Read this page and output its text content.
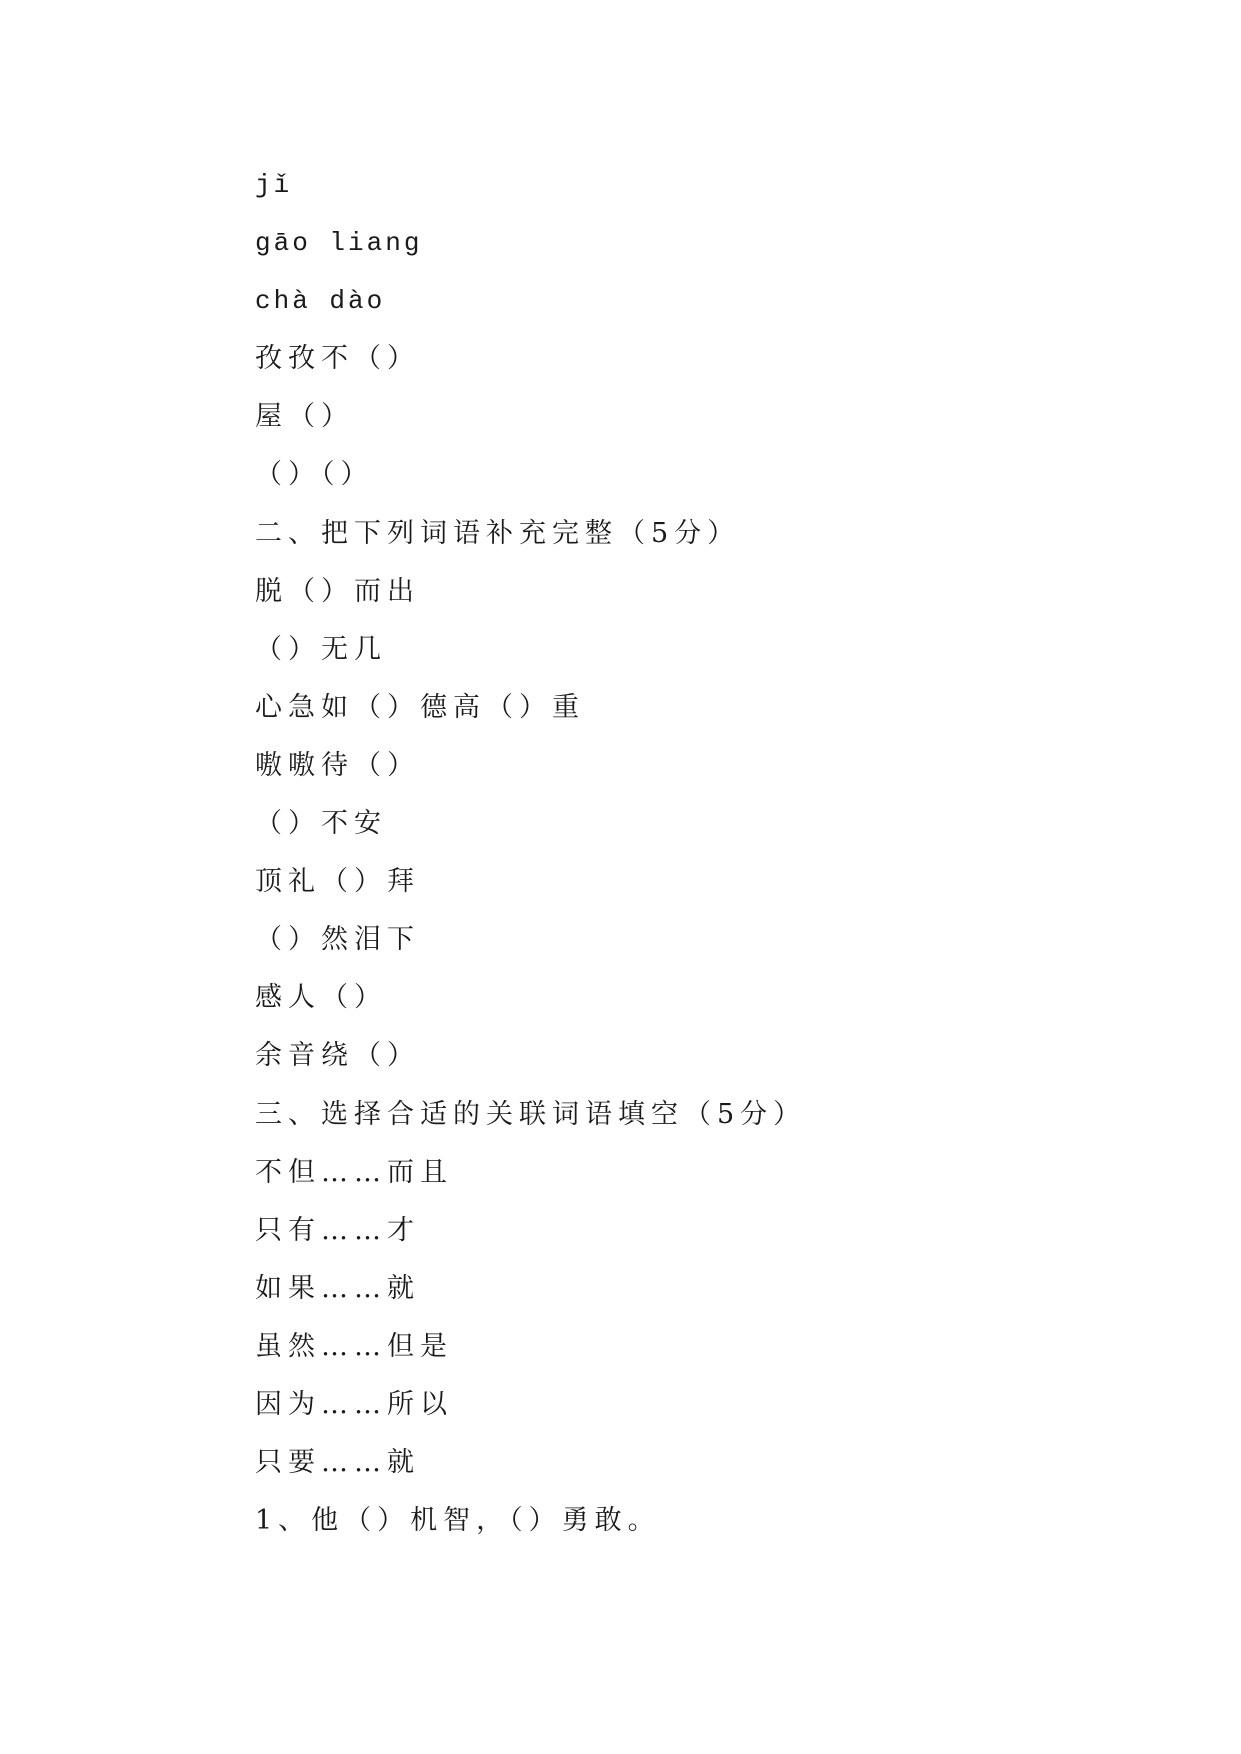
jǐ
gāo liang
chà dào
孜孜不（）
屋（）
（）（）
二、把下列词语补充完整（5分）
脱（）而出
（）无几
心急如（）德高（）重
嗷嗷待（）
（）不安
顶礼（）拜
（）然泪下
感人（）
余音绕（）
三、选择合适的关联词语填空（5分）
不但……而且
只有……才
如果……就
虽然……但是
因为……所以
只要……就
1、他（）机智，（）勇敢。
